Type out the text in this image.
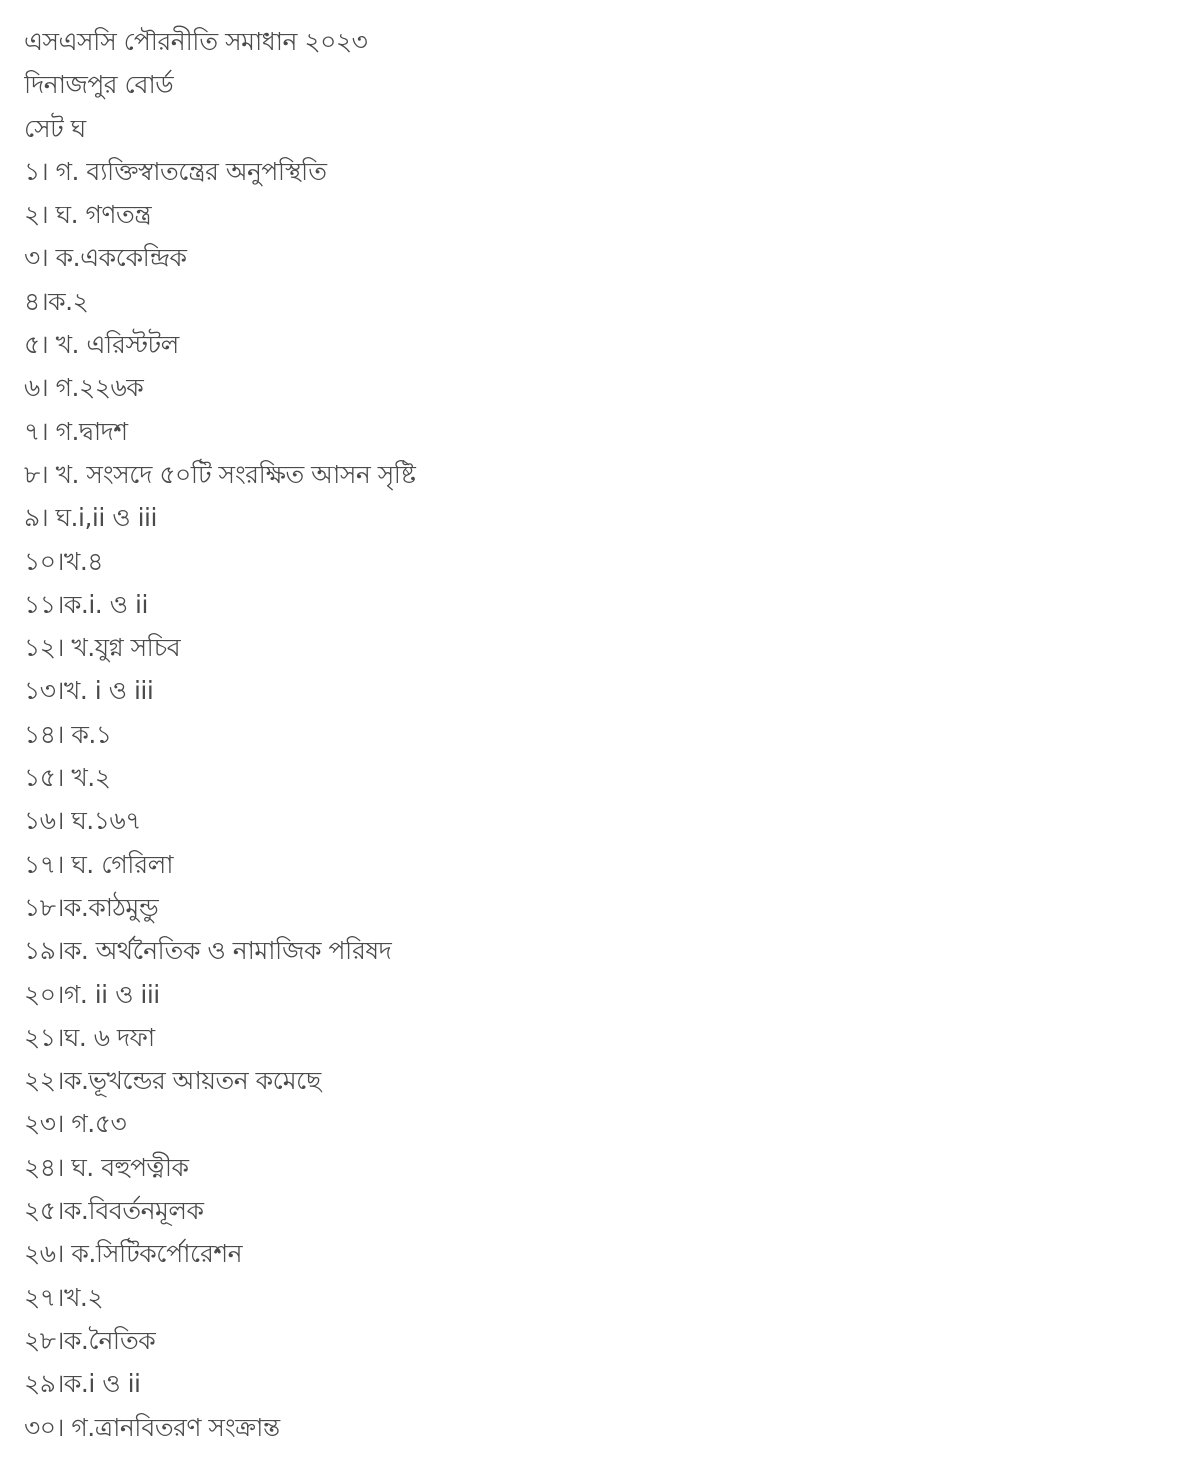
এসএসসি পৌরনীতি সমাধান ২০২৩
দিনাজপুর বোর্ড
সেট ঘ
১। গ. ব্যক্তিস্বাতন্ত্রের অনুপস্থিতি
২। ঘ. গণতন্ত্র
৩। ক.এককেন্দ্রিক
৪।ক.২
৫। খ. এরিস্টটল
৬। গ.২২৬ক
৭। গ.দ্বাদশ
৮। খ. সংসদে ৫০টি সংরক্ষিত আসন সৃষ্টি
৯। ঘ.i,ii ও iii
১০।খ.৪
১১।ক.i. ও ii
১২। খ.যুগ্ন সচিব
১৩।খ. i ও iii
১৪। ক.১
১৫। খ.২
১৬। ঘ.১৬৭
১৭। ঘ. গেরিলা
১৮।ক.কাঠমুন্ডু
১৯।ক. অর্থনৈতিক ও নামাজিক পরিষদ
২০।গ. ii ও iii
২১।ঘ. ৬ দফা
২২।ক.ভূখন্ডের আয়তন কমেছে
২৩। গ.৫৩
২৪। ঘ. বহুপত্নীক
২৫।ক.বিবর্তনমূলক
২৬। ক.সিটিকর্পোরেশন
২৭।খ.২
২৮।ক.নৈতিক
২৯।ক.i ও ii
৩০। গ.ত্রানবিতরণ সংক্রান্ত
